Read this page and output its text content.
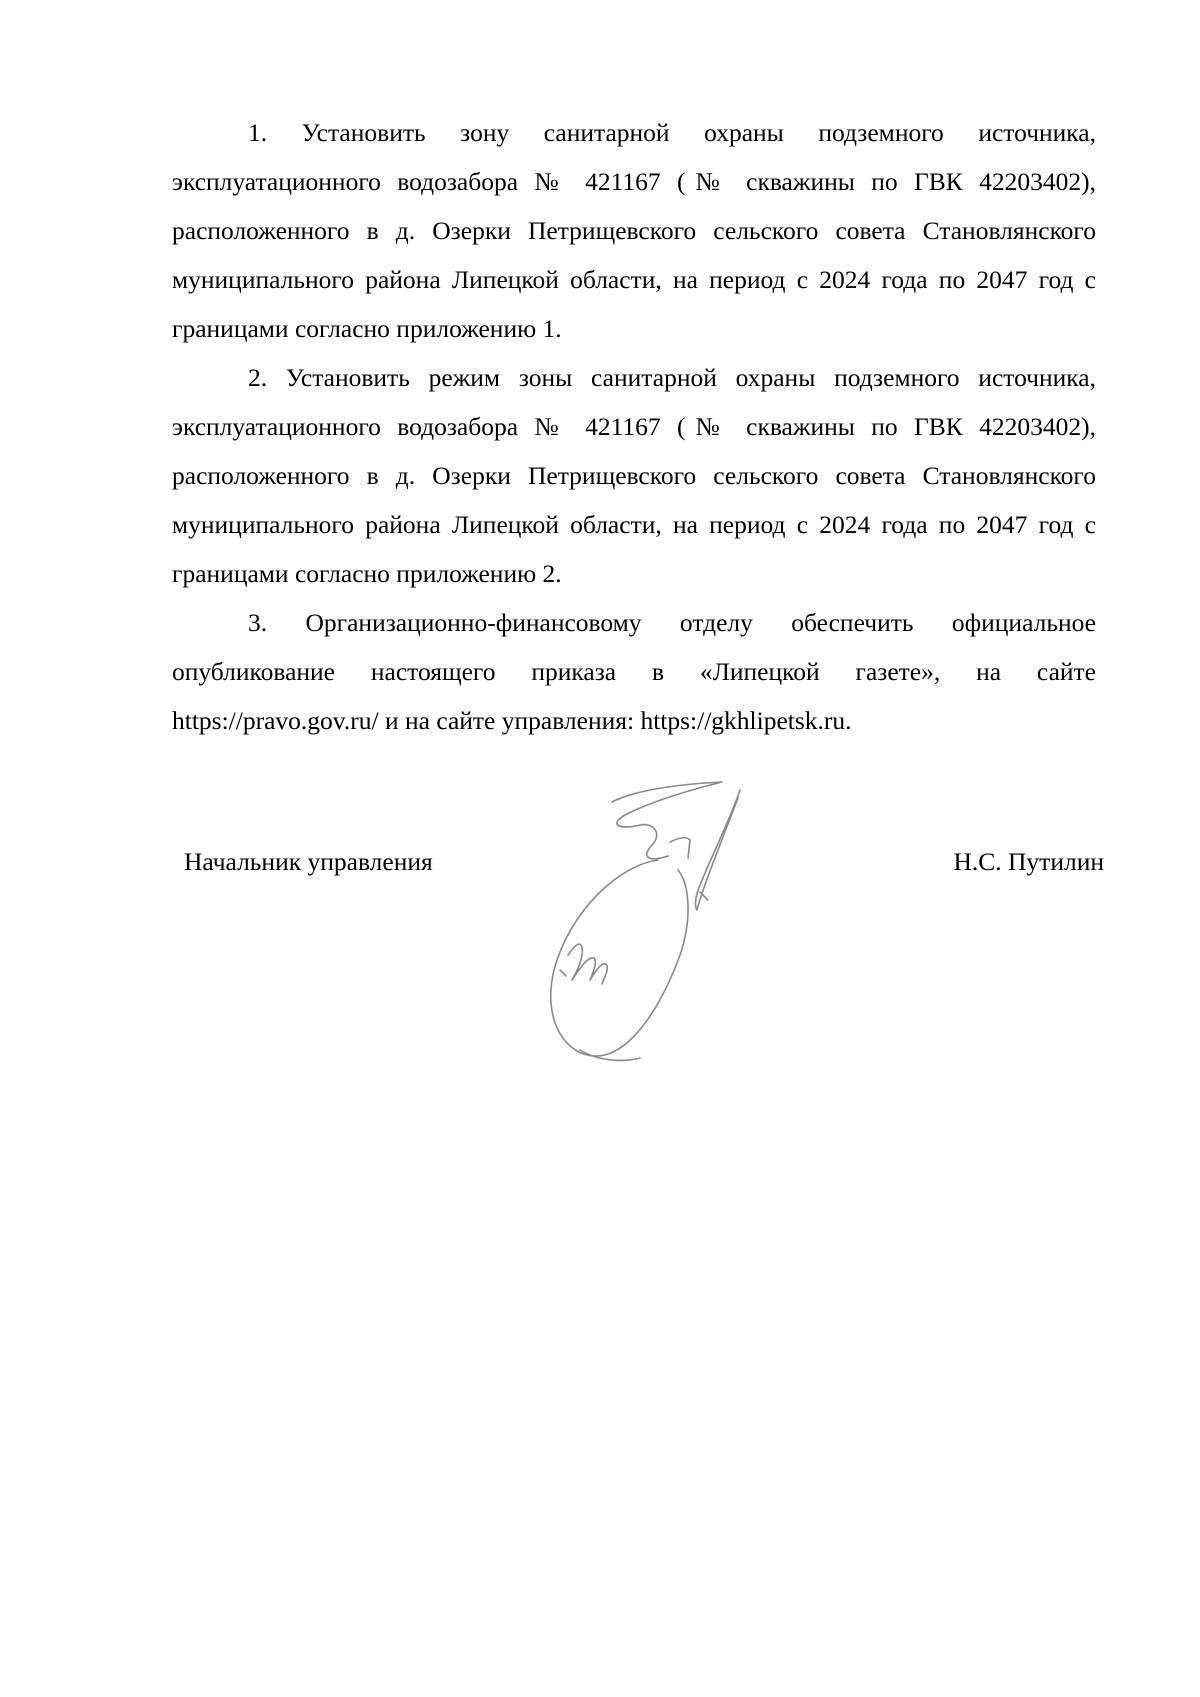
1. Установить зону санитарной охраны подземного источника, эксплуатационного водозабора № 421167 (№ скважины по ГВК 42203402), расположенного в д. Озерки Петрищевского сельского совета Становлянского муниципального района Липецкой области, на период с 2024 года по 2047 год с границами согласно приложению 1.

2. Установить режим зоны санитарной охраны подземного источника, эксплуатационного водозабора № 421167 (№ скважины по ГВК 42203402), расположенного в д. Озерки Петрищевского сельского совета Становлянского муниципального района Липецкой области, на период с 2024 года по 2047 год с границами согласно приложению 2.

3. Организационно-финансовому отделу обеспечить официальное опубликование настоящего приказа в «Липецкой газете», на сайте https://pravo.gov.ru/ и на сайте управления: https://gkhlipetsk.ru.

Начальник управления	Н.С. Путилин
